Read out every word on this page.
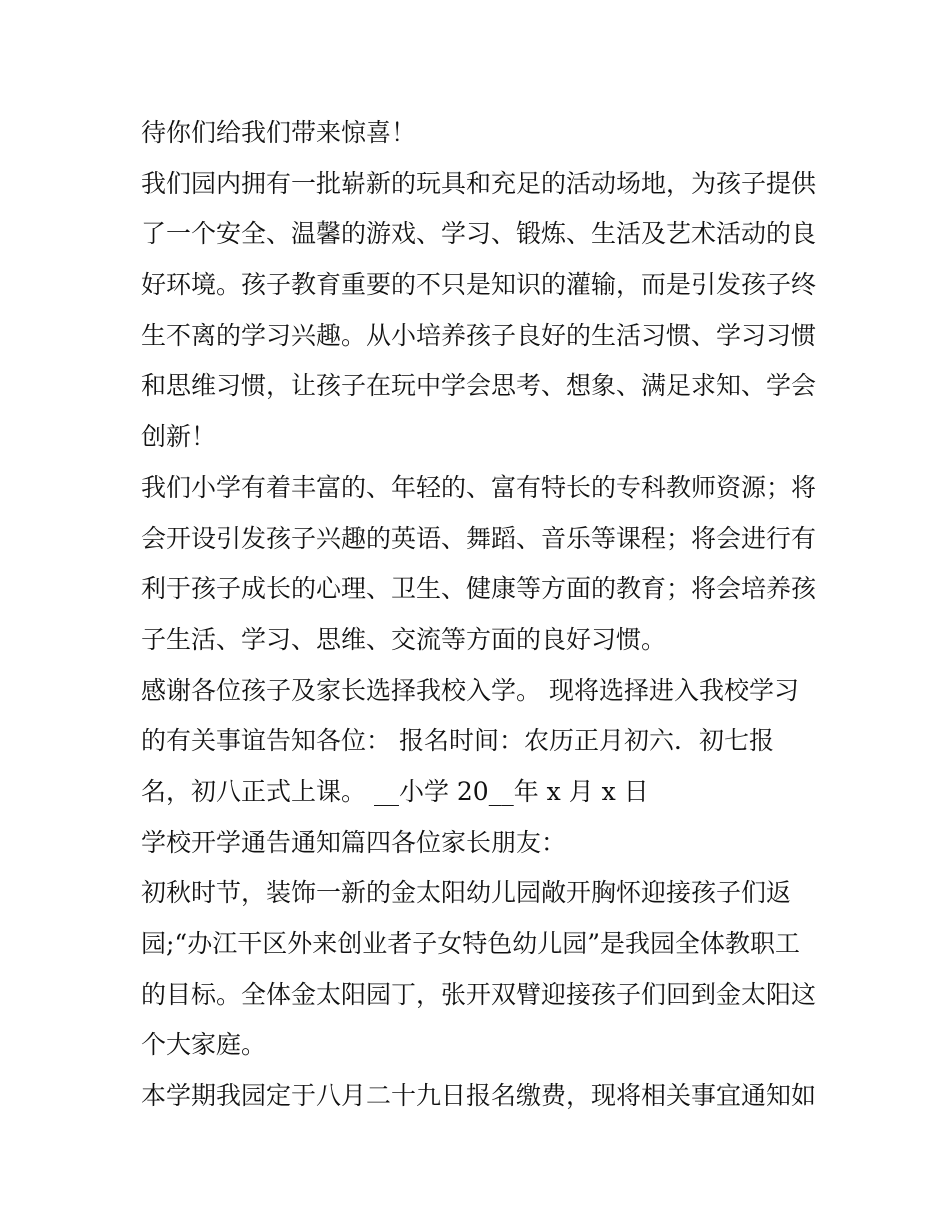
待你们给我们带来惊喜！
我们园内拥有一批崭新的玩具和充足的活动场地，为孩子提供
了一个安全、温馨的游戏、学习、锻炼、生活及艺术活动的良
好环境。孩子教育重要的不只是知识的灌输，而是引发孩子终
生不离的学习兴趣。从小培养孩子良好的生活习惯、学习习惯
和思维习惯，让孩子在玩中学会思考、想象、满足求知、学会
创新！
我们小学有着丰富的、年轻的、富有特长的专科教师资源；将
会开设引发孩子兴趣的英语、舞蹈、音乐等课程；将会进行有
利于孩子成长的心理、卫生、健康等方面的教育；将会培养孩
子生活、学习、思维、交流等方面的良好习惯。
感谢各位孩子及家长选择我校入学。 现将选择进入我校学习
的有关事谊告知各位： 报名时间：农历正月初六．初七报
名，初八正式上课。 __小学 20__年 x 月 x 日
学校开学通告通知篇四各位家长朋友：
初秋时节，装饰一新的金太阳幼儿园敞开胸怀迎接孩子们返
园;“办江干区外来创业者子女特色幼儿园”是我园全体教职工
的目标。全体金太阳园丁，张开双臂迎接孩子们回到金太阳这
个大家庭。
本学期我园定于八月二十九日报名缴费，现将相关事宜通知如
